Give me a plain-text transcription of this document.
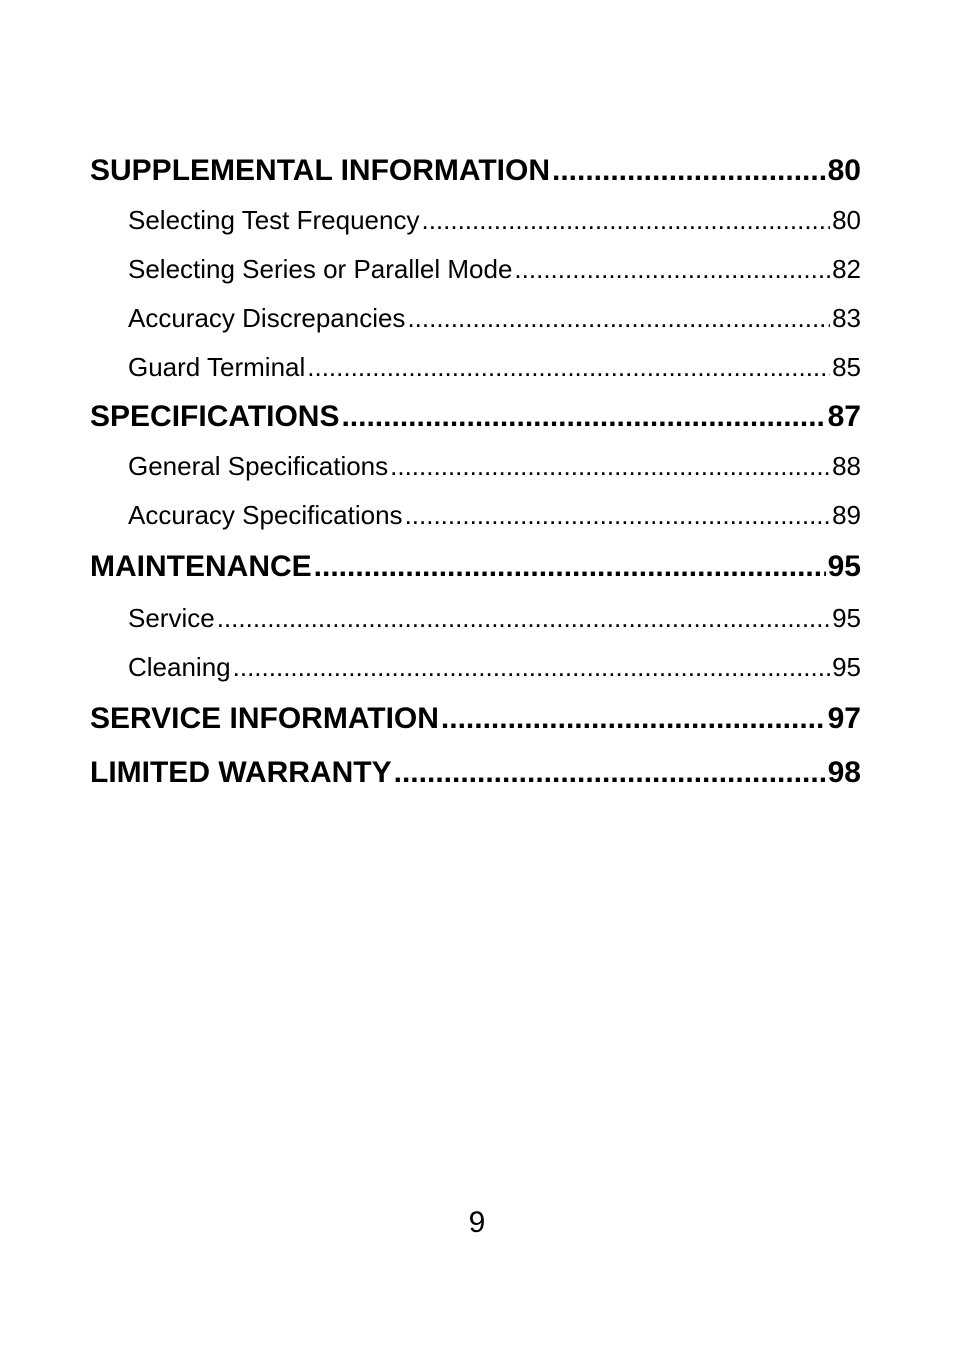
SUPPLEMENTAL INFORMATION .....	80
Selecting Test Frequency .....	80
Selecting Series or Parallel Mode .....	82
Accuracy Discrepancies .....	83
Guard Terminal .....	85
SPECIFICATIONS .....	87
General Specifications .....	88
Accuracy Specifications .....	89
MAINTENANCE .....	95
Service .....	95
Cleaning .....	95
SERVICE INFORMATION .....	97
LIMITED WARRANTY .....	98
9
